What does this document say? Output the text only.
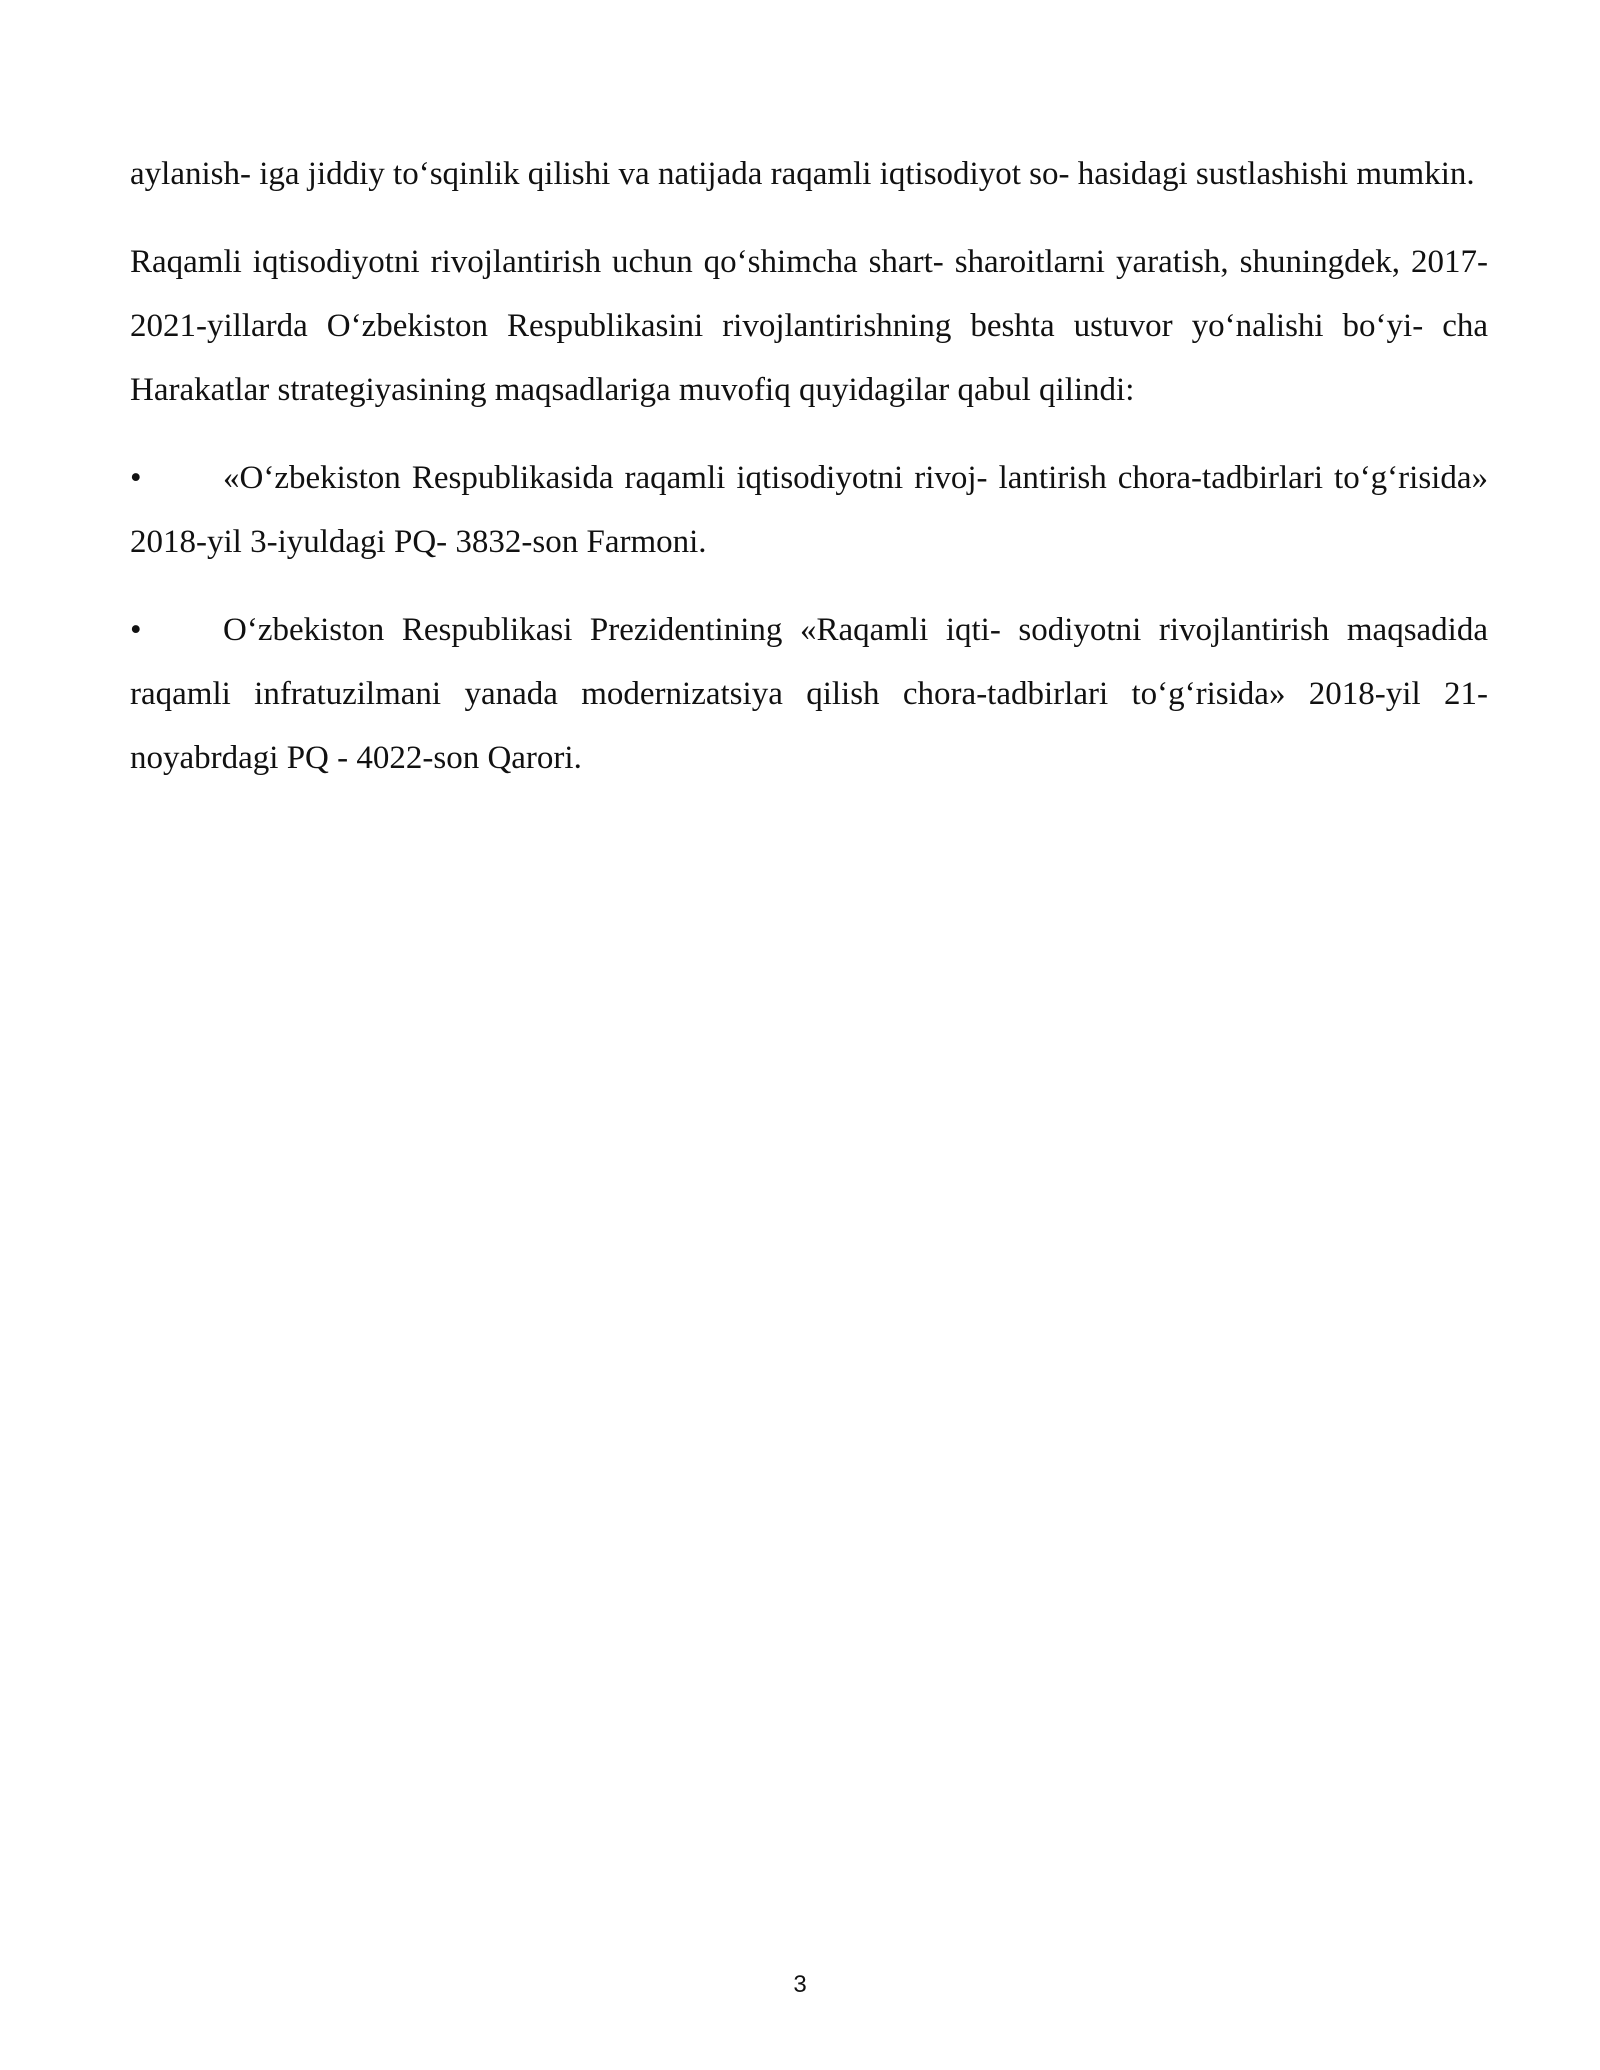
aylanish- iga jiddiy to‘sqinlik qilishi va natijada raqamli iqtisodiyot so- hasidagi sustlashishi mumkin.

Raqamli iqtisodiyotni rivojlantirish uchun qo‘shimcha shart- sharoitlarni yaratish, shuningdek, 2017-2021-yillarda O‘zbekiston Respublikasini rivojlantirishning beshta ustuvor yo‘nalishi bo‘yi- cha Harakatlar strategiyasining maqsadlariga muvofiq quyidagilar qabul qilindi:

• «O‘zbekiston Respublikasida raqamli iqtisodiyotni rivoj- lantirish chora-tadbirlari to‘g‘risida» 2018-yil 3-iyuldagi PQ- 3832-son Farmoni.

• O‘zbekiston Respublikasi Prezidentining «Raqamli iqti- sodiyotni rivojlantirish maqsadida raqamli infratuzilmani yanada modernizatsiya qilish chora-tadbirlari to‘g‘risida» 2018-yil 21- noyabrdagi PQ - 4022-son Qarori.

3
